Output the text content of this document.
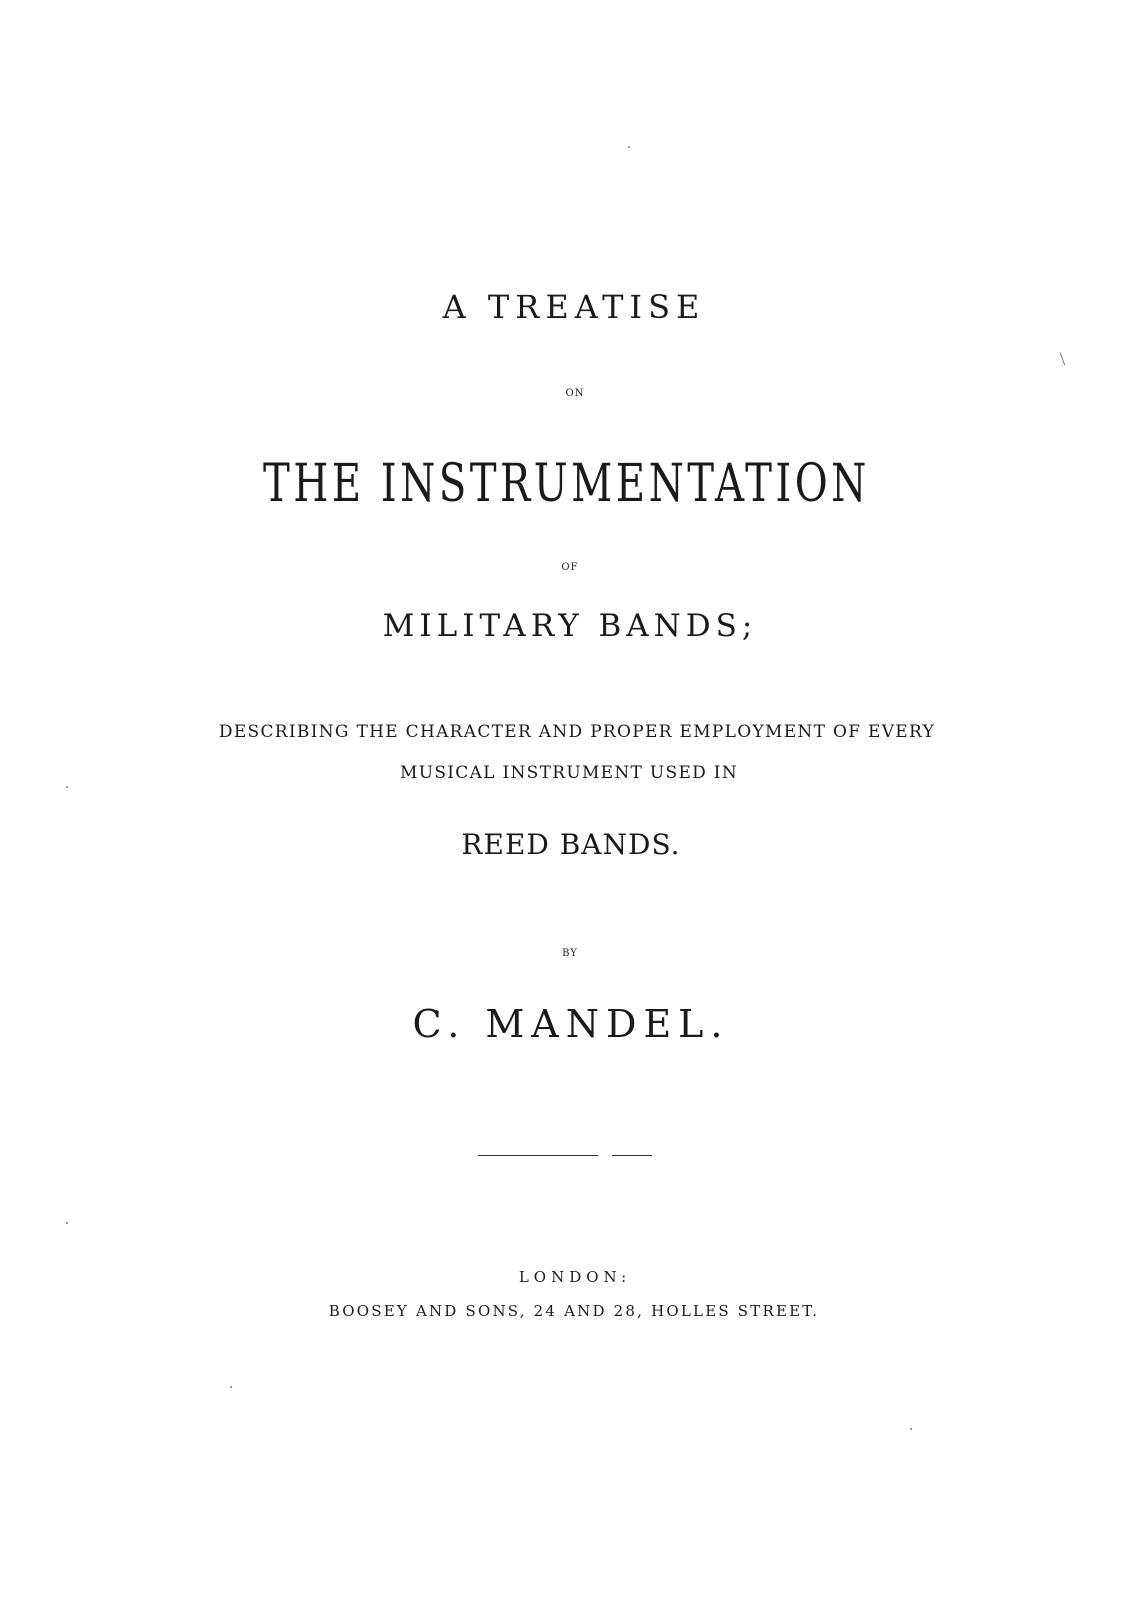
A TREATISE
ON
THE INSTRUMENTATION
OF
MILITARY BANDS;
DESCRIBING THE CHARACTER AND PROPER EMPLOYMENT OF EVERY
MUSICAL INSTRUMENT USED IN
REED BANDS.
BY
C. MANDEL.
LONDON:
BOOSEY AND SONS, 24 AND 28, HOLLES STREET.
